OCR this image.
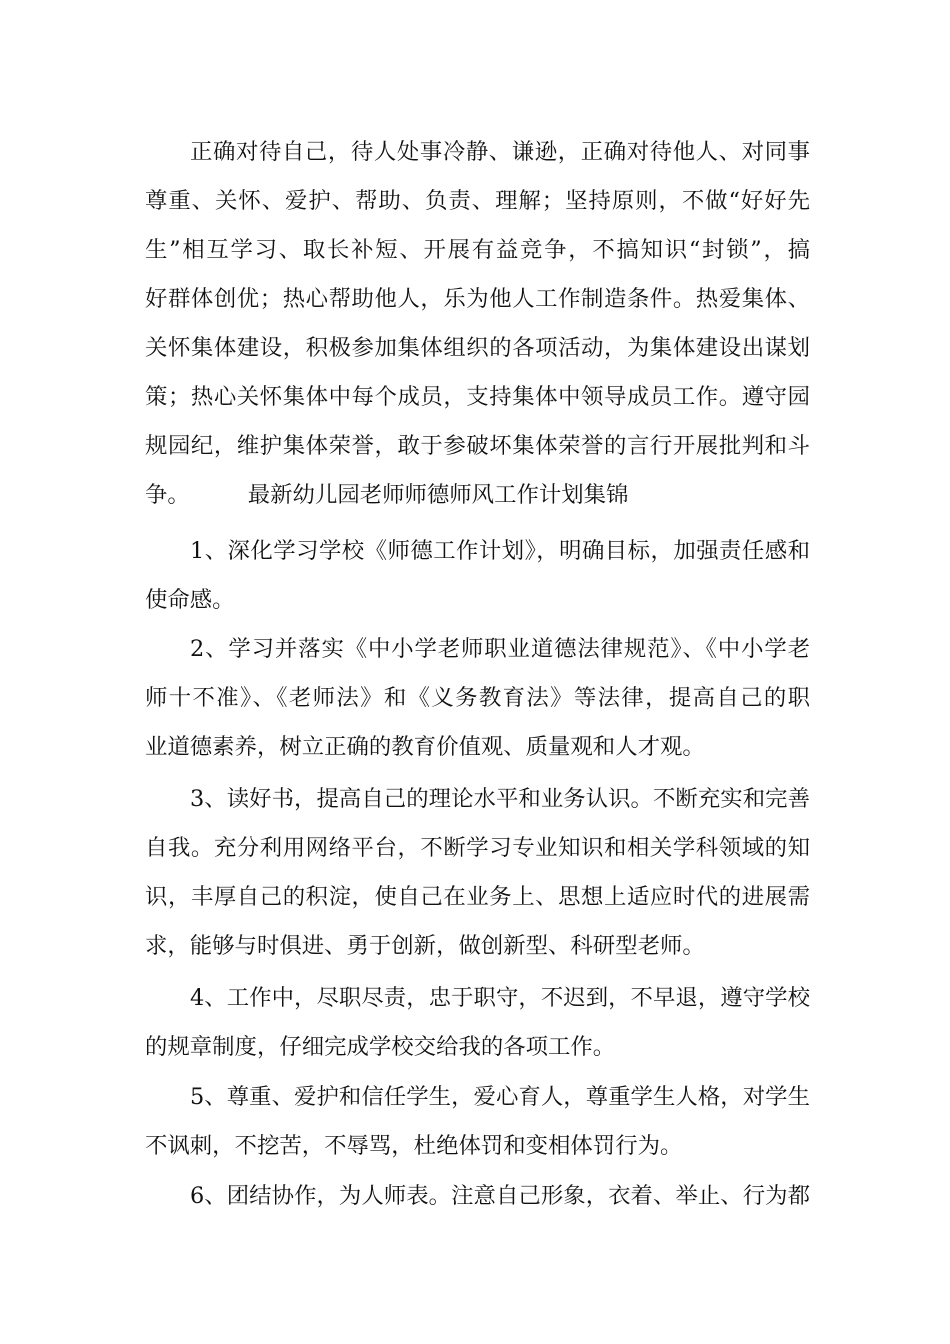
正确对待自己，待人处事冷静、谦逊，正确对待他人、对同事

尊重、关怀、爱护、帮助、负责、理解；坚持原则，不做“好好先

生”相互学习、取长补短、开展有益竞争，不搞知识“封锁”，搞

好群体创优；热心帮助他人，乐为他人工作制造条件。热爱集体、

关怀集体建设，积极参加集体组织的各项活动，为集体建设出谋划

策；热心关怀集体中每个成员，支持集体中领导成员工作。遵守园

规园纪，维护集体荣誉，敢于参破坏集体荣誉的言行开展批判和斗

争。	最新幼儿园老师师德师风工作计划集锦

1、深化学习学校《师德工作计划》，明确目标，加强责任感和

使命感。

2、学习并落实《中小学老师职业道德法律规范》、《中小学老

师十不准》、《老师法》和《义务教育法》等法律，提高自己的职

业道德素养，树立正确的教育价值观、质量观和人才观。

3、读好书，提高自己的理论水平和业务认识。不断充实和完善

自我。充分利用网络平台，不断学习专业知识和相关学科领域的知

识，丰厚自己的积淀，使自己在业务上、思想上适应时代的进展需

求，能够与时俱进、勇于创新，做创新型、科研型老师。

4、工作中，尽职尽责，忠于职守，不迟到，不早退，遵守学校

的规章制度，仔细完成学校交给我的各项工作。

5、尊重、爱护和信任学生，爱心育人，尊重学生人格，对学生

不讽刺，不挖苦，不辱骂，杜绝体罚和变相体罚行为。

6、团结协作，为人师表。注意自己形象，衣着、举止、行为都
